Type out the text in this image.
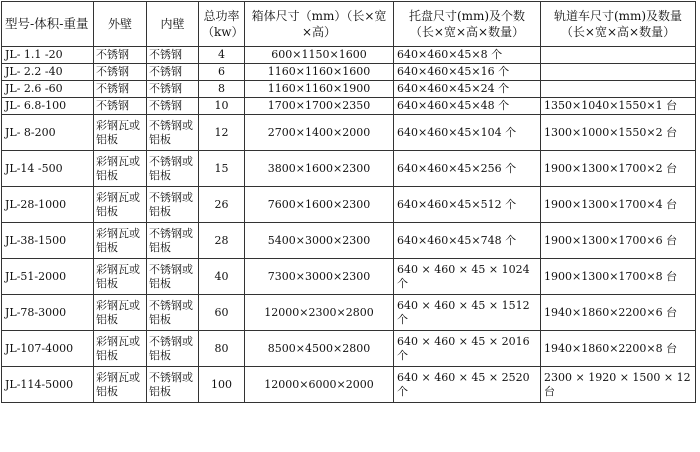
型号-体积-重量	外壁	内壁	总功率（kw）	箱体尺寸（mm）（长×宽×高）	托盘尺寸(mm)及个数（长×宽×高×数量）	轨道车尺寸(mm)及数量（长×宽×高×数量）
JL- 1.1 -20	不锈钢	不锈钢	4	600×1150×1600	640×460×45×8 个	
JL- 2.2 -40	不锈钢	不锈钢	6	1160×1160×1600	640×460×45×16 个	
JL- 2.6 -60	不锈钢	不锈钢	8	1160×1160×1900	640×460×45×24 个	
JL- 6.8-100	不锈钢	不锈钢	10	1700×1700×2350	640×460×45×48 个	1350×1040×1550×1 台
JL- 8-200	彩钢瓦或铝板	不锈钢或铝板	12	2700×1400×2000	640×460×45×104 个	1300×1000×1550×2 台
JL-14 -500	彩钢瓦或铝板	不锈钢或铝板	15	3800×1600×2300	640×460×45×256 个	1900×1300×1700×2 台
JL-28-1000	彩钢瓦或铝板	不锈钢或铝板	26	7600×1600×2300	640×460×45×512 个	1900×1300×1700×4 台
JL-38-1500	彩钢瓦或铝板	不锈钢或铝板	28	5400×3000×2300	640×460×45×748 个	1900×1300×1700×6 台
JL-51-2000	彩钢瓦或铝板	不锈钢或铝板	40	7300×3000×2300	640 × 460 × 45 × 1024 个	1900×1300×1700×8 台
JL-78-3000	彩钢瓦或铝板	不锈钢或铝板	60	12000×2300×2800	640 × 460 × 45 × 1512 个	1940×1860×2200×6 台
JL-107-4000	彩钢瓦或铝板	不锈钢或铝板	80	8500×4500×2800	640 × 460 × 45 × 2016 个	1940×1860×2200×8 台
JL-114-5000	彩钢瓦或铝板	不锈钢或铝板	100	12000×6000×2000	640 × 460 × 45 × 2520 个	2300 × 1920 × 1500 × 12 台
